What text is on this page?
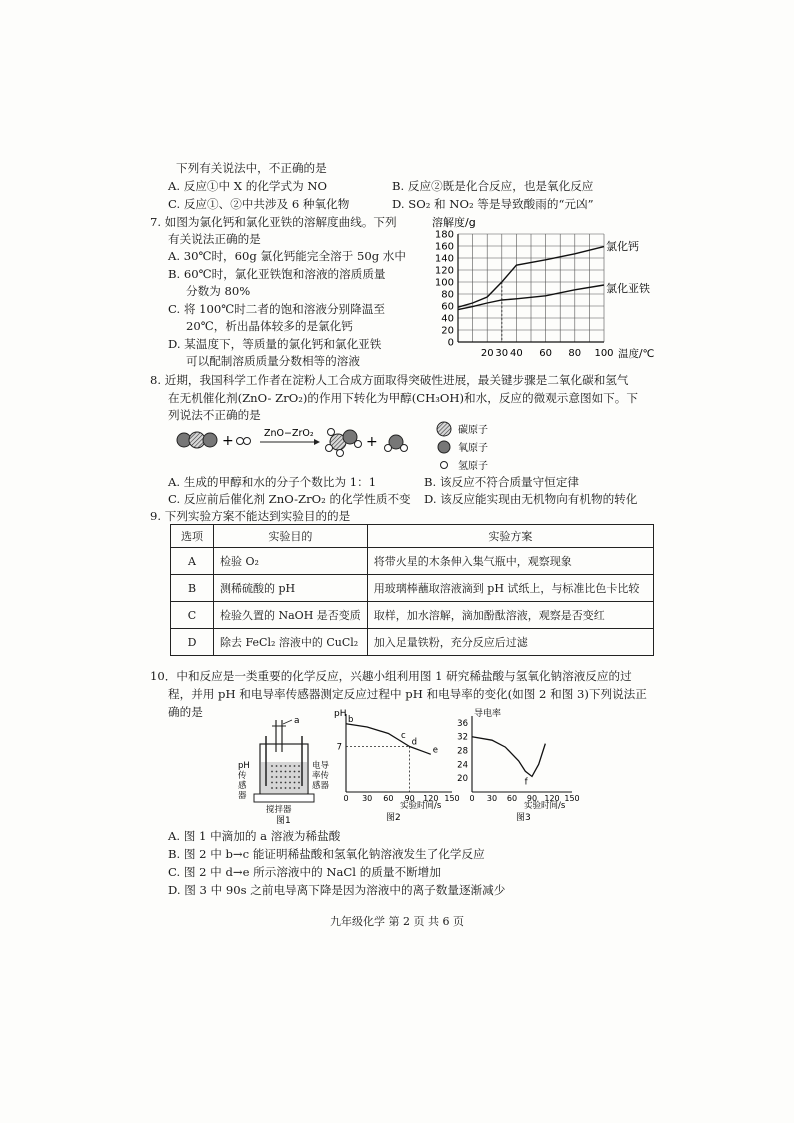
下列有关说法中，不正确的是
A. 反应①中 X 的化学式为 NO	B. 反应②既是化合反应，也是氧化反应
C. 反应①、②中共涉及 6 种氧化物	D. SO₂ 和 NO₂ 等是导致酸雨的“元凶”
7. 如图为氯化钙和氯化亚铁的溶解度曲线。下列
有关说法正确的是
A. 30℃时，60g 氯化钙能完全溶于 50g 水中
B. 60℃时，氯化亚铁饱和溶液的溶质质量
分数为 80%
C. 将 100℃时二者的饱和溶液分别降温至
20℃，析出晶体较多的是氯化钙
D. 某温度下，等质量的氯化钙和氯化亚铁
可以配制溶质质量分数相等的溶液
溶解度/g
0
20
40
60
80
100
120
140
160
180
20 30 40 60 80 100 温度/℃
氯化钙
氯化亚铁
8. 近期，我国科学工作者在淀粉人工合成方面取得突破性进展，最关键步骤是二氧化碳和氢气
在无机催化剂(ZnO- ZrO₂)的作用下转化为甲醇(CH₃OH)和水，反应的微观示意图如下。下
列说法不正确的是
+	ZnO−ZrO₂
+
碳原子
氧原子
氢原子
A. 生成的甲醇和水的分子个数比为 1：1	B. 该反应不符合质量守恒定律
C. 反应前后催化剂 ZnO-ZrO₂ 的化学性质不变 D. 该反应能实现由无机物向有机物的转化
9. 下列实验方案不能达到实验目的的是
选项	实验目的	实验方案
A	检验 O₂	将带火星的木条伸入集气瓶中，观察现象
B	测稀硫酸的 pH	用玻璃棒蘸取溶液滴到 pH 试纸上，与标准比色卡比较
C	检验久置的 NaOH 是否变质	取样，加水溶解，滴加酚酞溶液，观察是否变红
D	除去 FeCl₂ 溶液中的 CuCl₂	加入足量铁粉，充分反应后过滤
10．中和反应是一类重要的化学反应，兴趣小组利用图 1 研究稀盐酸与氢氧化钠溶液反应的过
程，并用 pH 和电导率传感器测定反应过程中 pH 和电导率的变化(如图 2 和图 3)下列说法正
确的是
a
pH
传
感
器
电导
率传
感器
搅拌器
图1
pH
0 30 60 90 120 150
7
b
c
d
e
实验时间/s
图2
导电率
0 30 60 90 120 150
20
24
28
32
36
f
实验时间/s
图3
A. 图 1 中滴加的 a 溶液为稀盐酸
B. 图 2 中 b→c 能证明稀盐酸和氢氧化钠溶液发生了化学反应
C. 图 2 中 d→e 所示溶液中的 NaCl 的质量不断增加
D. 图 3 中 90s 之前电导离下降是因为溶液中的离子数量逐渐减少
九年级化学 第 2 页 共 6 页
